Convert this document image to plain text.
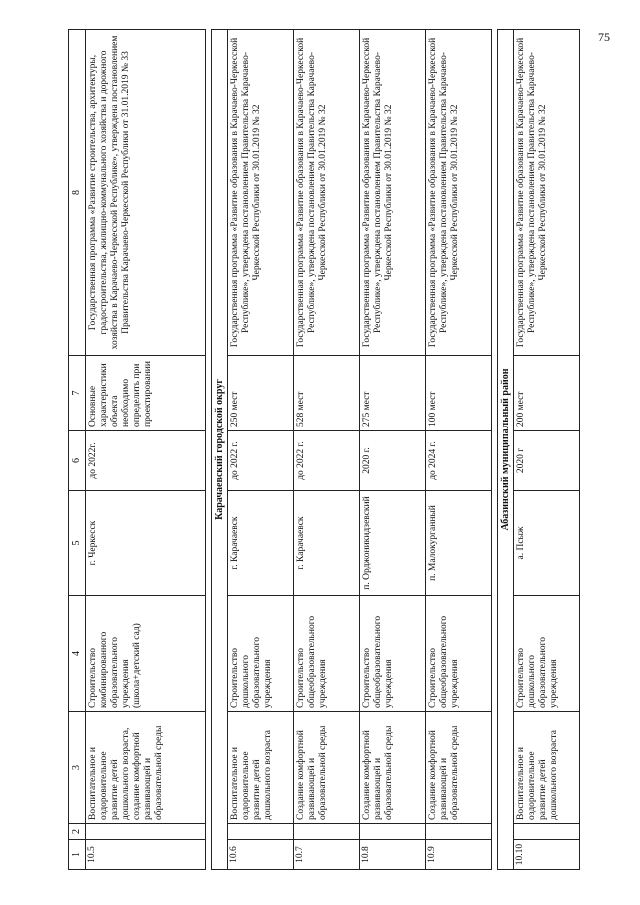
75
1	2	3	4	5	6	7	8
10.5		Воспитательное и оздоровительное развитие детей дошкольного возраста, создание комфортной развивающей и образовательной среды	Строительство комбинированного образовательного учреждения (школа+детский сад)	г. Черкесск	до 2022г.	Основные характеристики объекта необходимо определить при проектировании	Государственная программа «Развитие строительства, архитектуры, градостроительства, жилищно-коммунального хозяйства и дорожного хозяйства в Карачаево-Черкесской Республике», утверждена постановлением Правительства Карачаево-Черкесской Республики от 31.01.2019 № 33

Карачаевский городской округ							
10.6		Воспитательное и оздоровительное развитие детей дошкольного возраста	Строительство дошкольного образовательного учреждения	г. Карачаевск	до 2022 г.	250 мест	Государственная программа «Развитие образования в Карачаево-Черкесской Республике», утверждена постановлением Правительства Карачаево-Черкесской Республики от 30.01.2019 № 32
10.7		Создание комфортной развивающей и образовательной среды	Строительство общеобразовательного учреждения	г. Карачаевск	до 2022 г.	528 мест	Государственная программа «Развитие образования в Карачаево-Черкесской Республике», утверждена постановлением Правительства Карачаево-Черкесской Республики от 30.01.2019 № 32
10.8		Создание комфортной развивающей и образовательной среды	Строительство общеобразовательного учреждения	п. Орджоникидзевский	2020 г.	275 мест	Государственная программа «Развитие образования в Карачаево-Черкесской Республике», утверждена постановлением Правительства Карачаево-Черкесской Республики от 30.01.2019 № 32
10.9		Создание комфортной развивающей и образовательной среды	Строительство общеобразовательного учреждения	п. Малокурганный	до 2024 г.	100 мест	Государственная программа «Развитие образования в Карачаево-Черкесской Республике», утверждена постановлением Правительства Карачаево-Черкесской Республики от 30.01.2019 № 32

Абазинский муниципальный район							
10.10		Воспитательное и оздоровительное развитие детей дошкольного возраста	Строительство дошкольного образовательного учреждения	а. Псыж	2020 г	200 мест	Государственная программа «Развитие образования в Карачаево-Черкесской Республике», утверждена постановлением Правительства Карачаево-Черкесской Республики от 30.01.2019 № 32
